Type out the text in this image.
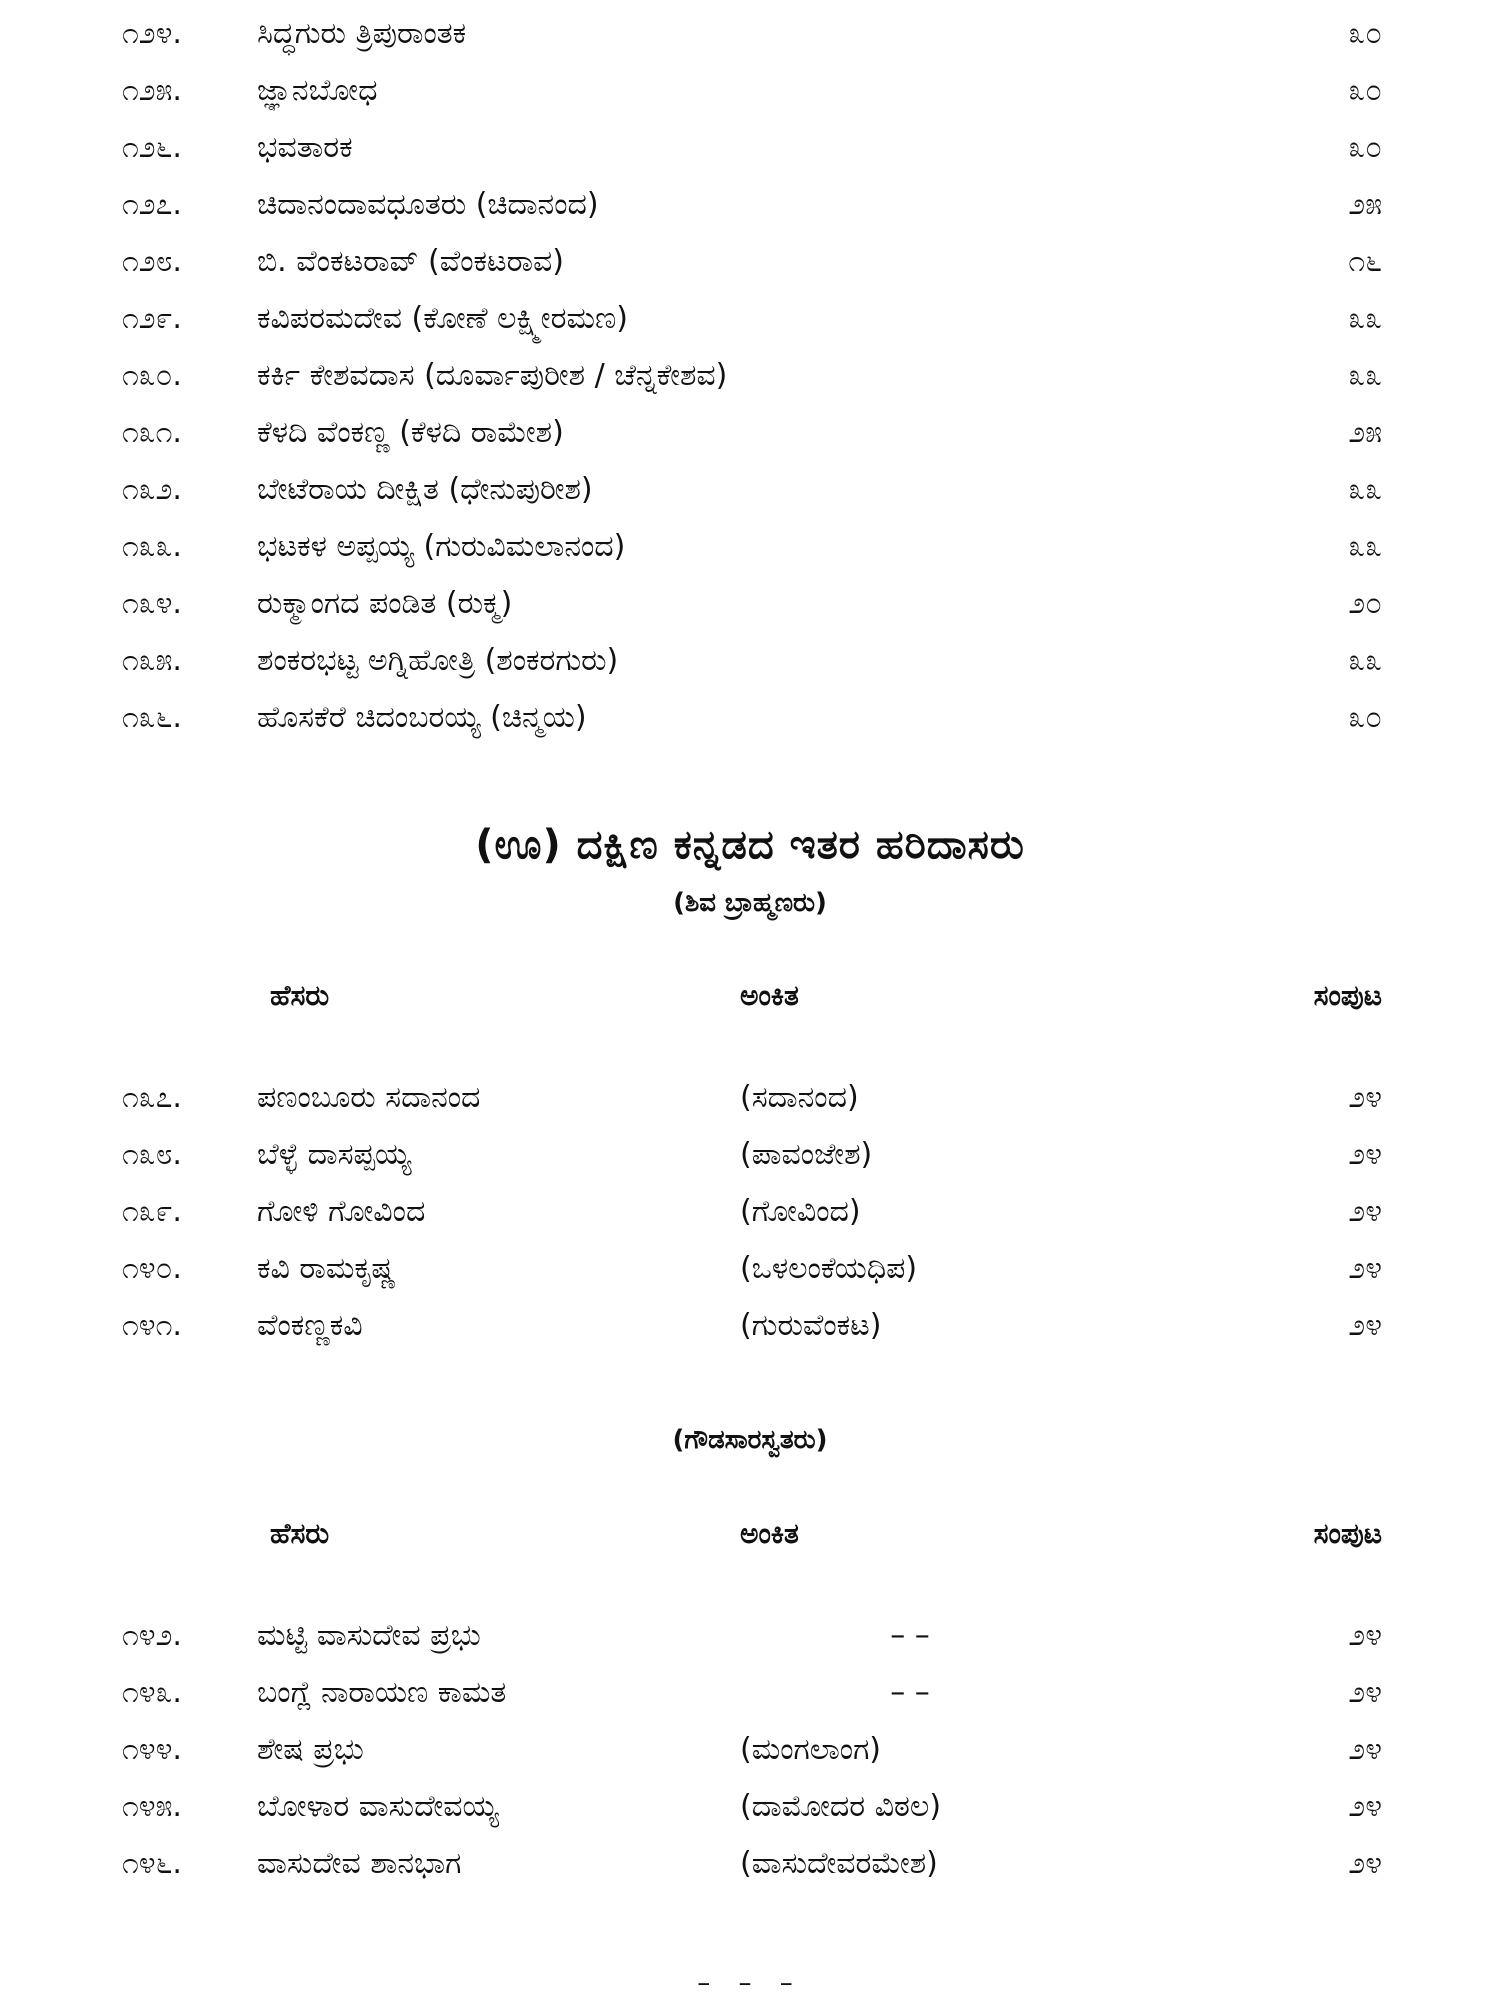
೧೨೪.	ಸಿದ್ಧಗುರು ತ್ರಿಪುರಾಂತಕ	೩೦
೧೨೫.	ಜ್ಞಾನಬೋಧ	೩೦
೧೨೬.	ಭವತಾರಕ	೩೦
೧೨೭.	ಚಿದಾನಂದಾವಧೂತರು (ಚಿದಾನಂದ)	೨೫
೧೨೮.	ಬಿ. ವೆಂಕಟರಾವ್ (ವೆಂಕಟರಾವ)	೧೬
೧೨೯.	ಕವಿಪರಮದೇವ (ಕೋಣೆ ಲಕ್ಷ್ಮೀರಮಣ)	೩೩
೧೩೦.	ಕರ್ಕಿ ಕೇಶವದಾಸ (ದೂರ್ವಾಪುರೀಶ / ಚೆನ್ನಕೇಶವ)	೩೩
೧೩೧.	ಕೆಳದಿ ವೆಂಕಣ್ಣ (ಕೆಳದಿ ರಾಮೇಶ)	೨೫
೧೩೨.	ಬೇಟೆರಾಯ ದೀಕ್ಷಿತ (ಧೇನುಪುರೀಶ)	೩೩
೧೩೩.	ಭಟಕಳ ಅಪ್ಪಯ್ಯ (ಗುರುವಿಮಲಾನಂದ)	೩೩
೧೩೪.	ರುಕ್ಮಾಂಗದ ಪಂಡಿತ (ರುಕ್ಮ)	೨೦
೧೩೫.	ಶಂಕರಭಟ್ಟ ಅಗ್ನಿಹೋತ್ರಿ (ಶಂಕರಗುರು)	೩೩
೧೩೬.	ಹೊಸಕೆರೆ ಚಿದಂಬರಯ್ಯ (ಚಿನ್ಮಯ)	೩೦
(ಊ) ದಕ್ಷಿಣ ಕನ್ನಡದ ಇತರ ಹರಿದಾಸರು
(ಶಿವ ಬ್ರಾಹ್ಮಣರು)
ಹೆಸರು	ಅಂಕಿತ	ಸಂಪುಟ
೧೩೭.	ಪಣಂಬೂರು ಸದಾನಂದ	(ಸದಾನಂದ)	೨೪
೧೩೮.	ಬೆಳ್ಳೆ ದಾಸಪ್ಪಯ್ಯ	(ಪಾವಂಜೇಶ)	೨೪
೧೩೯.	ಗೋಳಿ ಗೋವಿಂದ	(ಗೋವಿಂದ)	೨೪
೧೪೦.	ಕವಿ ರಾಮಕೃಷ್ಣ	(ಒಳಲಂಕೆಯಧಿಪ)	೨೪
೧೪೧.	ವೆಂಕಣ್ಣಕವಿ	(ಗುರುವೆಂಕಟ)	೨೪
(ಗೌಡಸಾರಸ್ವತರು)
ಹೆಸರು	ಅಂಕಿತ	ಸಂಪುಟ
೧೪೨.	ಮಟ್ಟಿ ವಾಸುದೇವ ಪ್ರಭು	– –	೨೪
೧೪೩.	ಬಂಗ್ಲೆ ನಾರಾಯಣ ಕಾಮತ	– –	೨೪
೧೪೪.	ಶೇಷ ಪ್ರಭು	(ಮಂಗಲಾಂಗ)	೨೪
೧೪೫.	ಬೋಳಾರ ವಾಸುದೇವಯ್ಯ	(ದಾಮೋದರ ವಿಠಲ)	೨೪
೧೪೬.	ವಾಸುದೇವ ಶಾನಭಾಗ	(ವಾಸುದೇವರಮೇಶ)	೨೪
– – –
